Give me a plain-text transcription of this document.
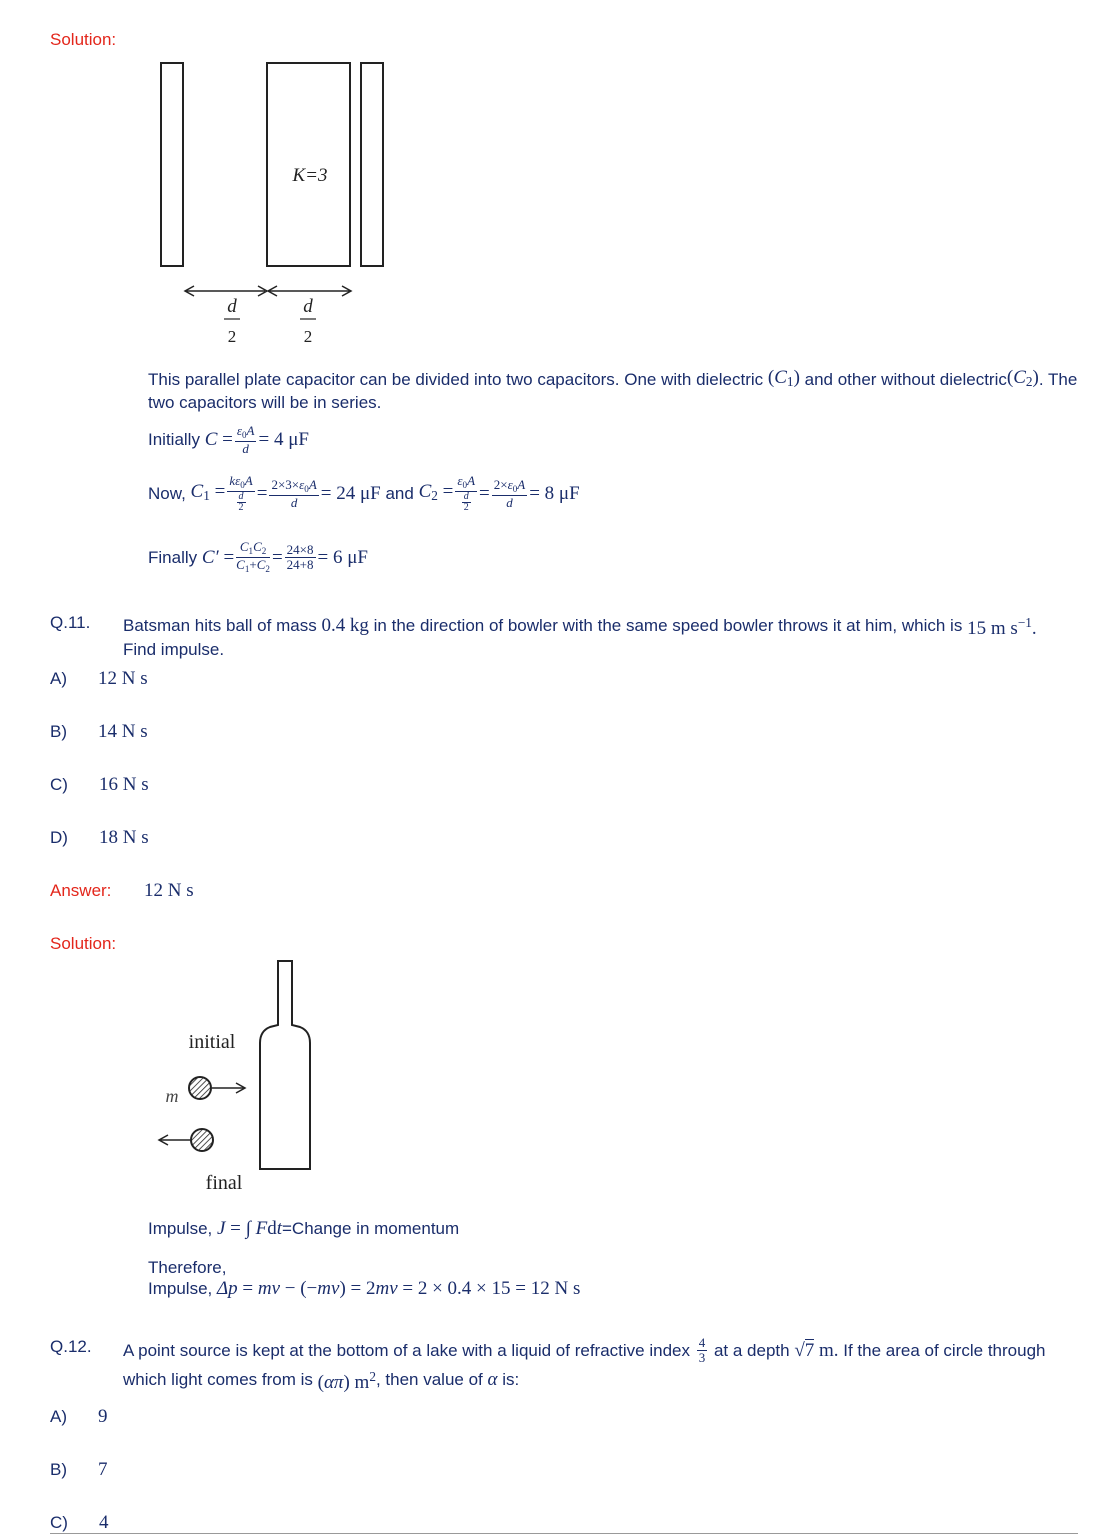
Solution:
K=3
d
2
d
2
This parallel plate capacitor can be divided into two capacitors. One with dielectric
$(C_1)$
and other without dielectric $(C_2)$ . The
two capacitors will be in series.
Initially
$C = \frac{\varepsilon_0A}{d} = 4$ μF
Now,
$C_1 = \frac{k\varepsilon_0A}{\frac{d}{2}} = \frac{2\times 3\times\varepsilon_0A}{d} = 24$ μF
and
$C_2 = \frac{\varepsilon_0A}{\frac{d}{2}} = \frac{2\times\varepsilon_0A}{d} = 8$ μF
Finally
$C' = \frac{C_1C_2}{C_1+C_2} = \frac{24\times 8}{24+8} = 6$ μF
Q.11. Batsman hits ball of mass
0.4
kg
in the direction of bowler with the same speed bowler throws it at him, which is
15 m $s^{-1}$.
Find impulse.
A)	12 N s
B)	14 N s
C)	16 N s
D)	18 N s
Answer:	12 N s
Solution:
initial
m
final
Impulse,
J = ∫ Fdt =Change in momentum
Therefore,
Impulse,
Δp = mv − (−mv) = 2mv
= 2 × 0.4 × 15 = 12 N s
Q.12. A point source is kept at the bottom of a lake with a liquid of refractive index
$\frac{4}{3}$
at a depth
√7
m.
If the area of circle through
which light comes from is
(απ) $m^2$ , then value of
α
is:
A)	9
B)	7
C)	4
